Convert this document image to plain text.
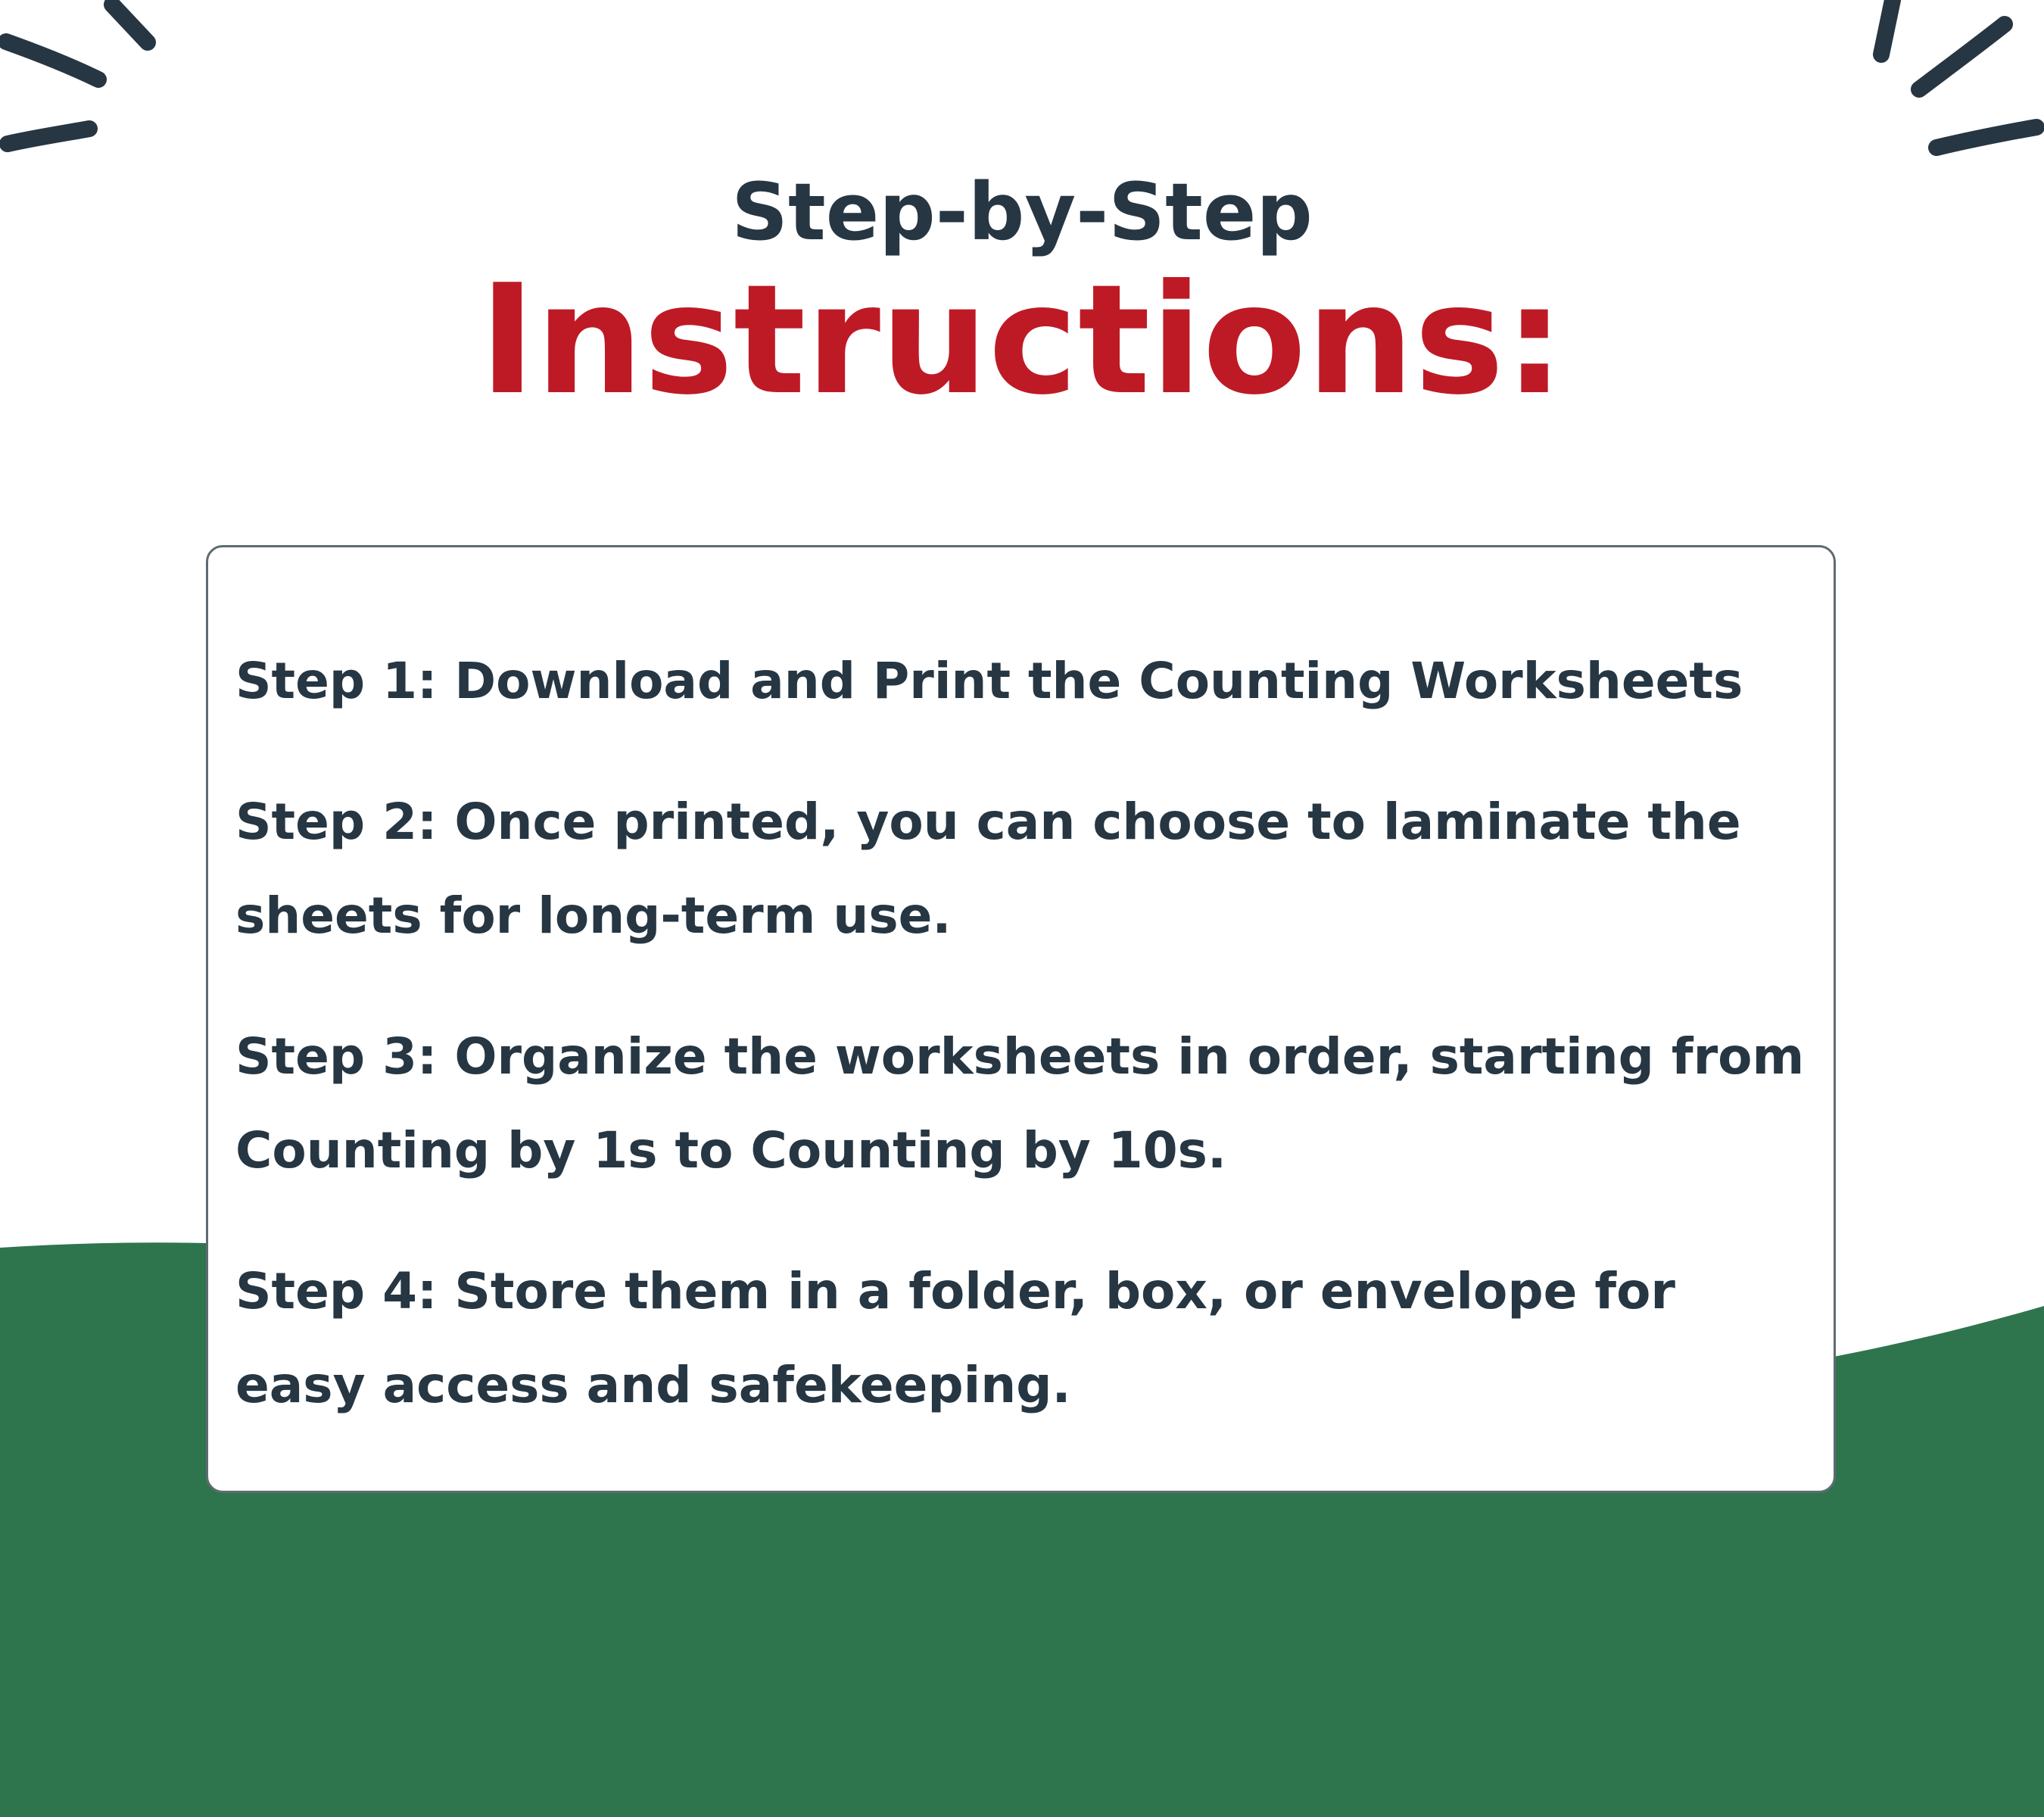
Step-by-Step
Instructions:

Step 1: Download and Print the Counting Worksheets

Step 2: Once printed, you can choose to laminate the sheets for long-term use.

Step 3: Organize the worksheets in order, starting from Counting by 1s to Counting by 10s.

Step 4: Store them in a folder, box, or envelope for easy access and safekeeping.
